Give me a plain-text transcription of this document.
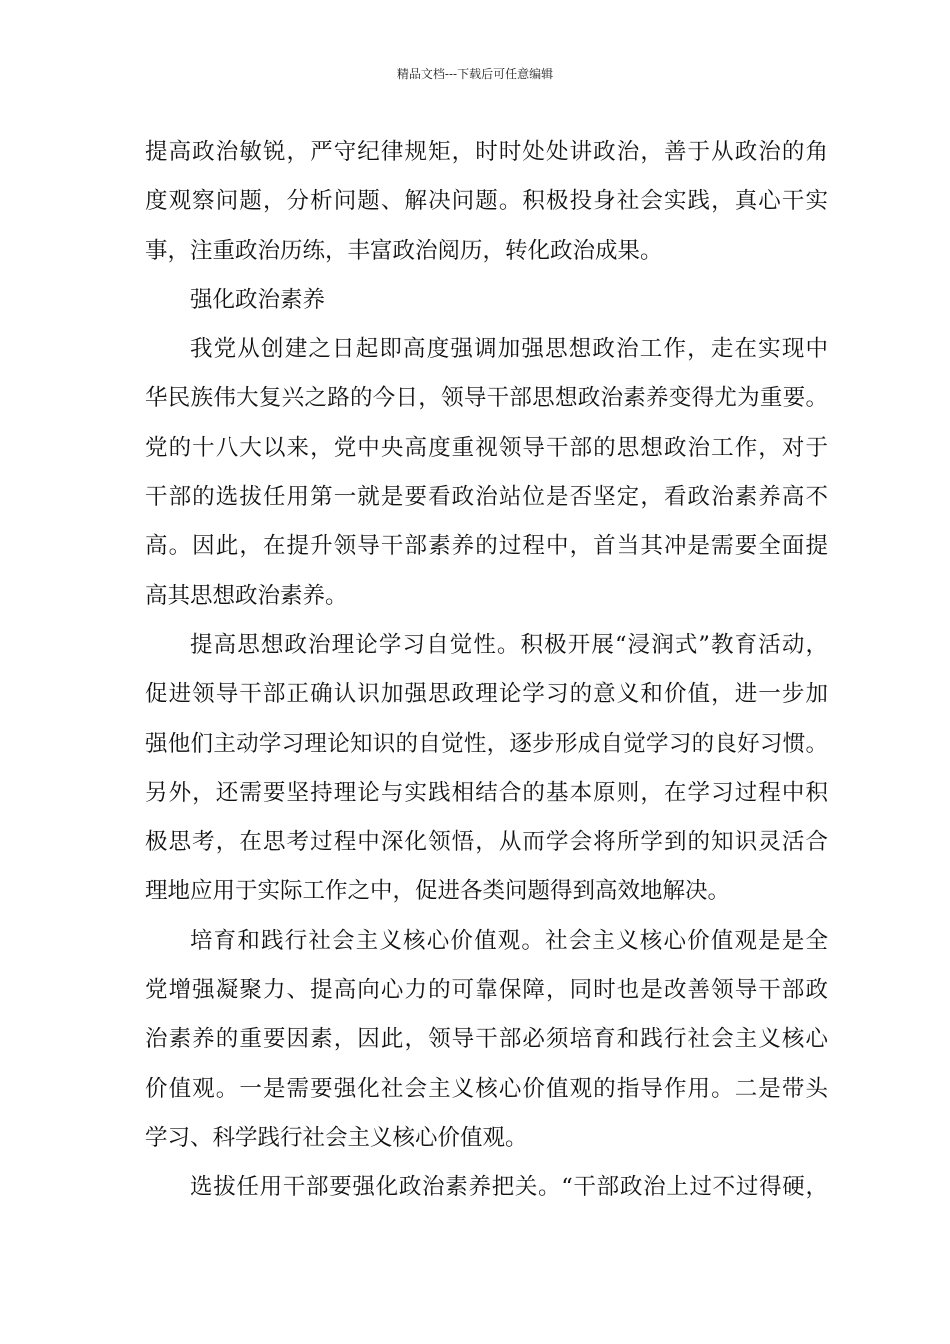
精品文档---下载后可任意编辑
提高政治敏锐，严守纪律规矩，时时处处讲政治，善于从政治的角
度观察问题，分析问题、解决问题。积极投身社会实践，真心干实
事，注重政治历练，丰富政治阅历，转化政治成果。
强化政治素养
我党从创建之日起即高度强调加强思想政治工作，走在实现中
华民族伟大复兴之路的今日，领导干部思想政治素养变得尤为重要。
党的十八大以来，党中央高度重视领导干部的思想政治工作，对于
干部的选拔任用第一就是要看政治站位是否坚定，看政治素养高不
高。因此，在提升领导干部素养的过程中，首当其冲是需要全面提
高其思想政治素养。
提高思想政治理论学习自觉性。积极开展“浸润式”教育活动，
促进领导干部正确认识加强思政理论学习的意义和价值，进一步加
强他们主动学习理论知识的自觉性，逐步形成自觉学习的良好习惯。
另外，还需要坚持理论与实践相结合的基本原则，在学习过程中积
极思考，在思考过程中深化领悟，从而学会将所学到的知识灵活合
理地应用于实际工作之中，促进各类问题得到高效地解决。
培育和践行社会主义核心价值观。社会主义核心价值观是是全
党增强凝聚力、提高向心力的可靠保障，同时也是改善领导干部政
治素养的重要因素，因此，领导干部必须培育和践行社会主义核心
价值观。一是需要强化社会主义核心价值观的指导作用。二是带头
学习、科学践行社会主义核心价值观。
选拔任用干部要强化政治素养把关。“干部政治上过不过得硬，
